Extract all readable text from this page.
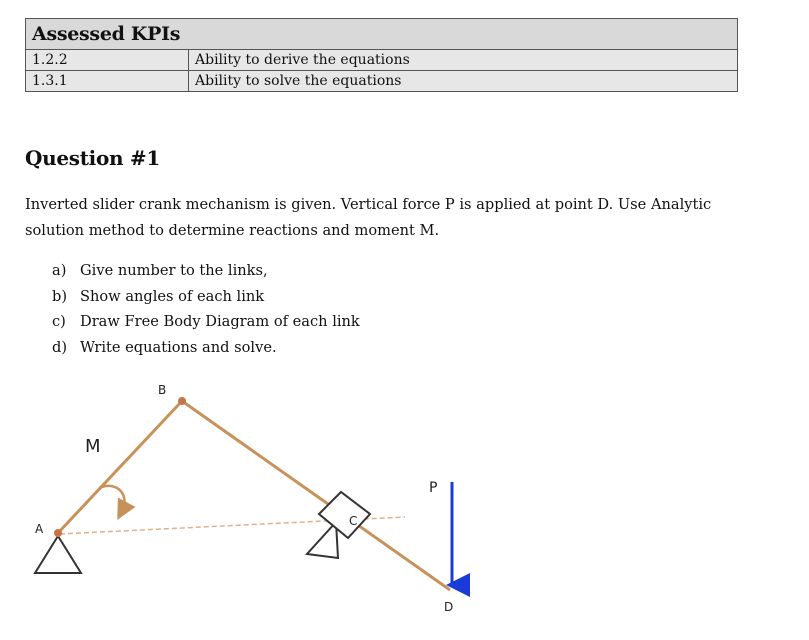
Assessed KPIs	
1.2.2	Ability to derive the equations
1.3.1	Ability to solve the equations
Question #1

Inverted slider crank mechanism is given. Vertical force P is applied at point D. Use Analytic solution method to determine reactions and moment M.

a) Give number to the links,
b) Show angles of each link
c) Draw Free Body Diagram of each link
d) Write equations and solve.
A
B
C
D
M
P
